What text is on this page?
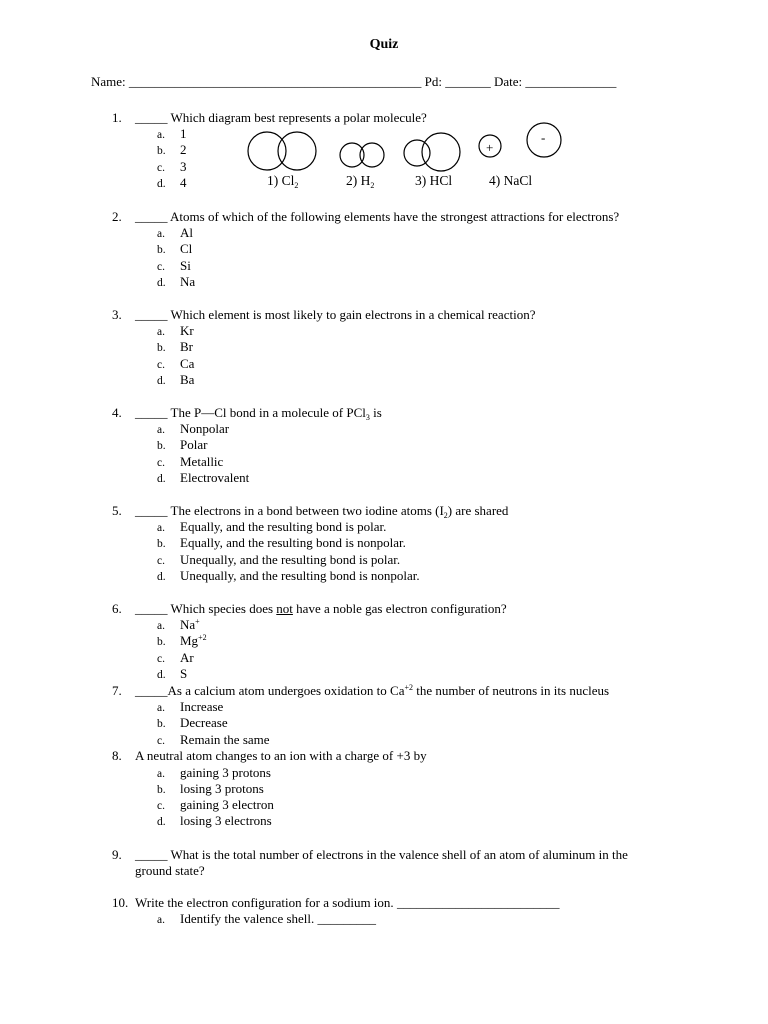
Quiz
Name: _____________________________________________ Pd: _______ Date: ______________
1. _____ Which diagram best represents a polar molecule?
a. 1
b. 2
c. 3
d. 4
+
-
1) $Cl_2$	2) $H_2$	3) HCl	4) NaCl
2. _____ Atoms of which of the following elements have the strongest attractions for electrons?
a. Al
b. Cl
c. Si
d. Na
3. _____ Which element is most likely to gain electrons in a chemical reaction?
a. Kr
b. Br
c. Ca
d. Ba
4. _____ The P—Cl bond in a molecule of PCl$_3$ is
a. Nonpolar
b. Polar
c. Metallic
d. Electrovalent
5. _____ The electrons in a bond between two iodine atoms $(I_2)$ are shared
a. Equally, and the resulting bond is polar.
b. Equally, and the resulting bond is nonpolar.
c. Unequally, and the resulting bond is polar.
d. Unequally, and the resulting bond is nonpolar.
6. _____ Which species does not have a noble gas electron configuration?
a. Na+
b. $Mg^{+2}$
c. Ar
d. S
7. _____As a calcium atom undergoes oxidation to $Ca^{+2}$ the number of neutrons in its nucleus
a. Increase
b. Decrease
c. Remain the same
8. A neutral atom changes to an ion with a charge of +3 by
a. gaining 3 protons
b. losing 3 protons
c. gaining 3 electron
d. losing 3 electrons
9. _____ What is the total number of electrons in the valence shell of an atom of aluminum in the ground state?
10. Write the electron configuration for a sodium ion. _________________________
a. Identify the valence shell. _________
